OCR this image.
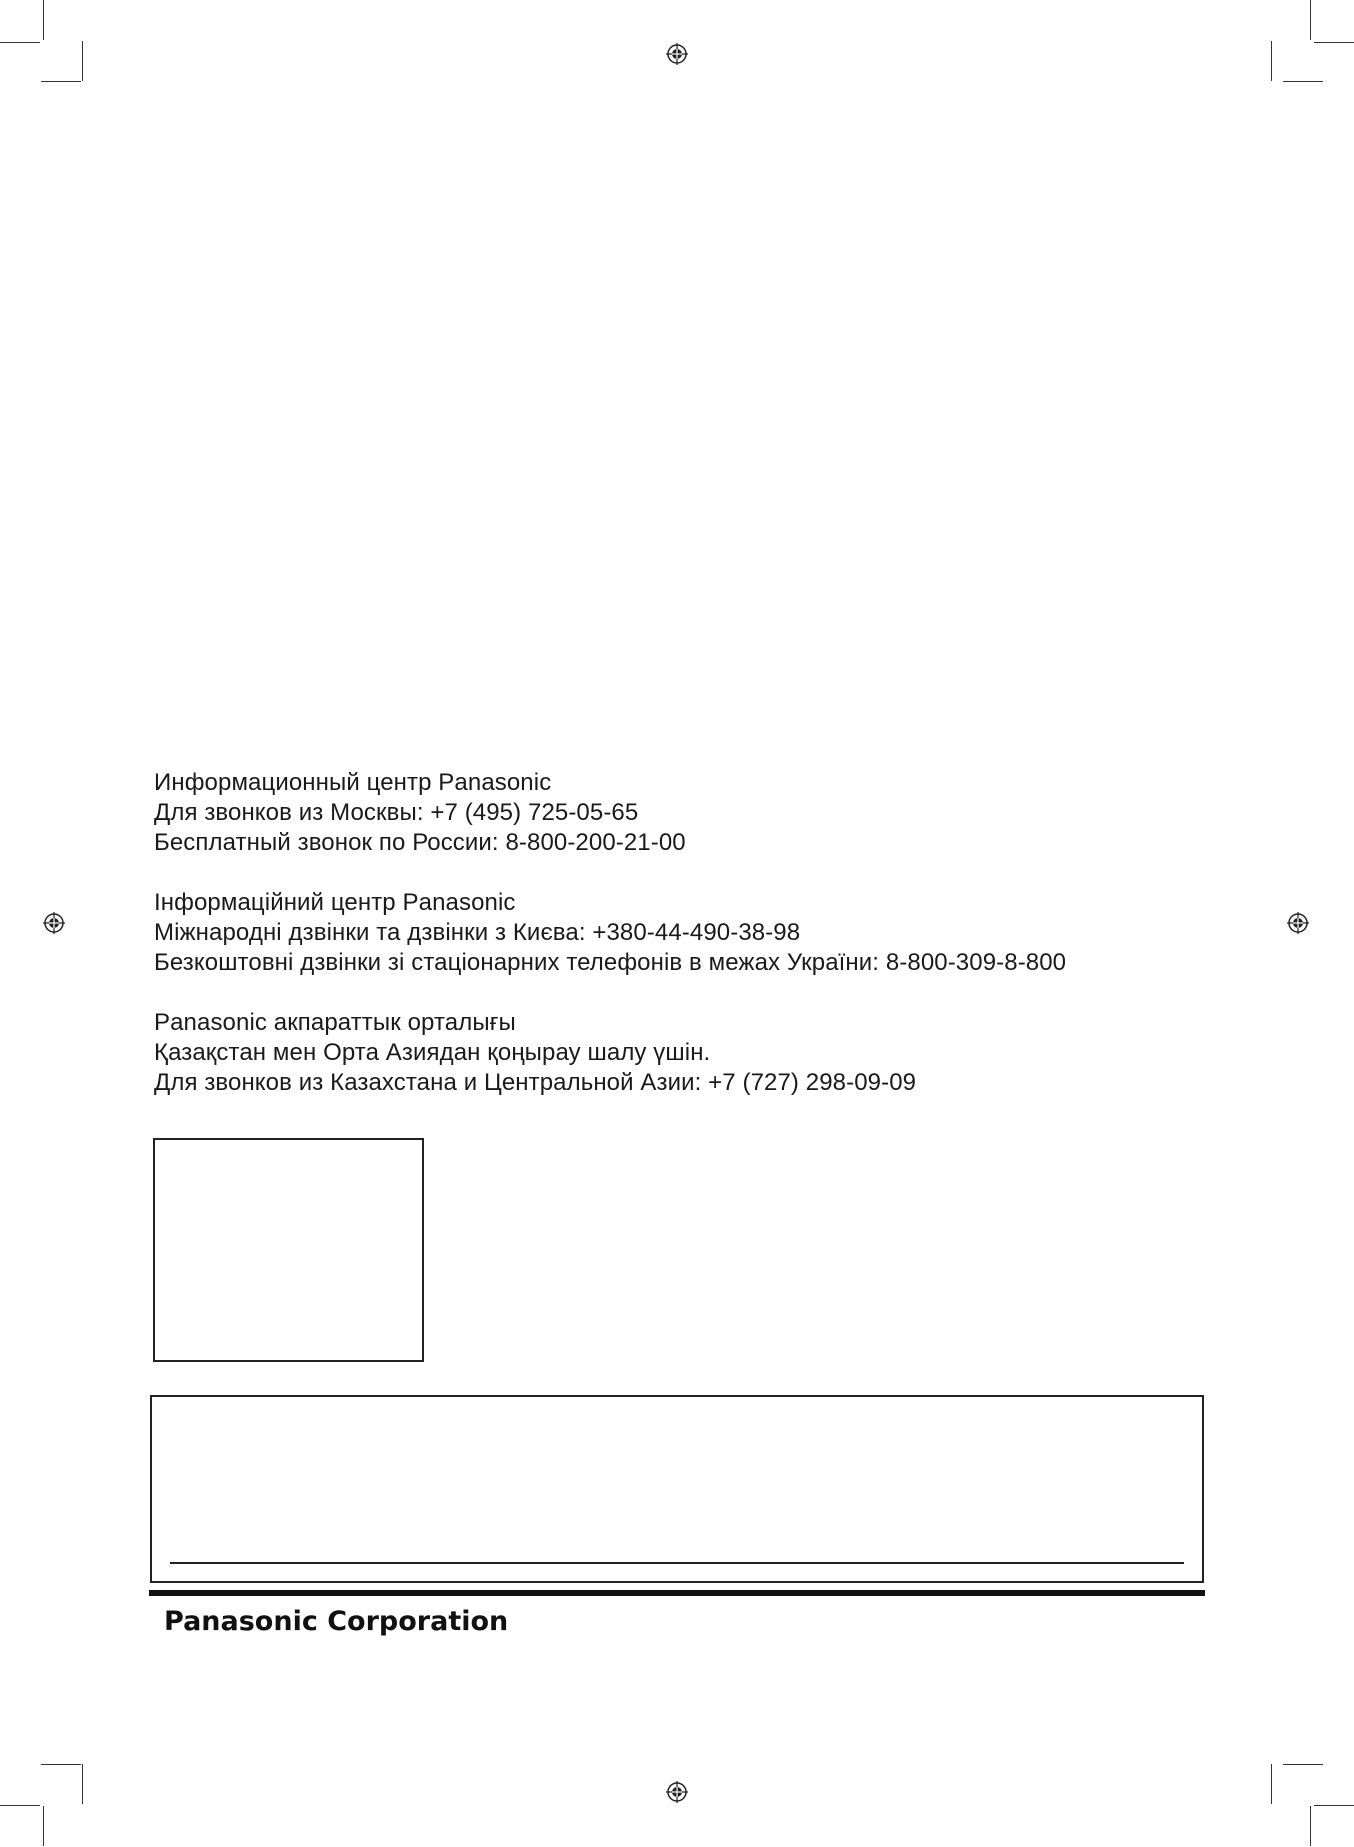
Информационный центр Panasonic
Для звонков из Москвы: +7 (495) 725-05-65
Бесплатный звонок по России: 8-800-200-21-00
Інформаційний центр Panasonic
Міжнародні дзвінки та дзвінки з Києва: +380-44-490-38-98
Безкоштовні дзвінки зі стаціонарних телефонів в межах України: 8-800-309-8-800
Panasonic акпараттык орталығы
Қазақстан мен Орта Азиядан қоңырау шалу үшін.
Для звонков из Казахстана и Центральной Азии: +7 (727) 298-09-09
Panasonic Corporation
